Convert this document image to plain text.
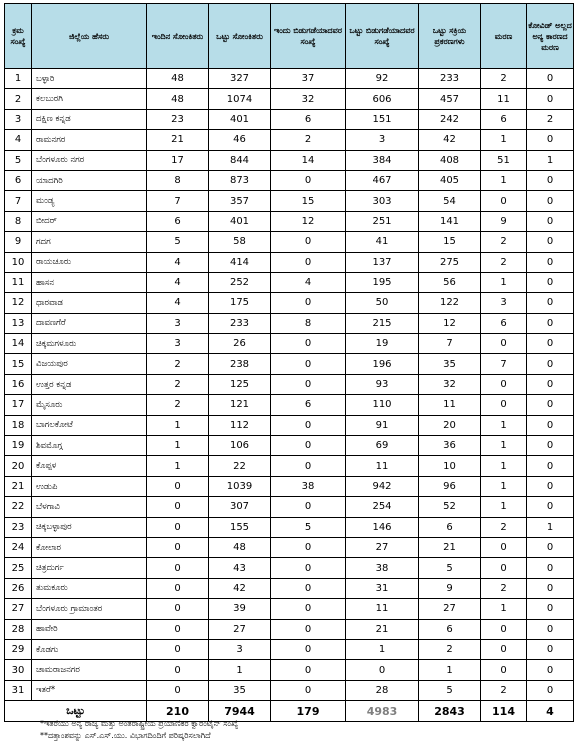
ಕ್ರಮ ಸಂಖ್ಯೆ	ಜಿಲ್ಲೆಯ ಹೆಸರು	ಇಂದಿನ ಸೋಂಕಿತರು	ಒಟ್ಟು ಸೋಂಕಿತರು	ಇಂದು ಬಿಡುಗಡೆಯಾದವರ ಸಂಖ್ಯೆ	ಒಟ್ಟು ಬಿಡುಗಡೆಯಾದವರ ಸಂಖ್ಯೆ	ಒಟ್ಟು ಸಕ್ರಿಯ ಪ್ರಕರಣಗಳು	ಮರಣ	ಕೋವಿಡ್ ಅಲ್ಲದ ಅನ್ಯ ಕಾರಣದ ಮರಣ
1	ಬಳ್ಳಾರಿ	48	327	37	92	233	2	0
2	ಕಲಬುರಗಿ	48	1074	32	606	457	11	0
3	ದಕ್ಷಿಣ ಕನ್ನಡ	23	401	6	151	242	6	2
4	ರಾಮನಗರ	21	46	2	3	42	1	0
5	ಬೆಂಗಳೂರು ನಗರ	17	844	14	384	408	51	1
6	ಯಾದಗಿರಿ	8	873	0	467	405	1	0
7	ಮಂಡ್ಯ	7	357	15	303	54	0	0
8	ಬೀದರ್	6	401	12	251	141	9	0
9	ಗದಗ	5	58	0	41	15	2	0
10	ರಾಯಚೂರು	4	414	0	137	275	2	0
11	ಹಾಸನ	4	252	4	195	56	1	0
12	ಧಾರವಾಡ	4	175	0	50	122	3	0
13	ದಾವಣಗೆರೆ	3	233	8	215	12	6	0
14	ಚಿಕ್ಕಮಗಳೂರು	3	26	0	19	7	0	0
15	ವಿಜಯಪುರ	2	238	0	196	35	7	0
16	ಉತ್ತರ ಕನ್ನಡ	2	125	0	93	32	0	0
17	ಮೈಸೂರು	2	121	6	110	11	0	0
18	ಬಾಗಲಕೋಟೆ	1	112	0	91	20	1	0
19	ಶಿವಮೊಗ್ಗ	1	106	0	69	36	1	0
20	ಕೊಪ್ಪಳ	1	22	0	11	10	1	0
21	ಉಡುಪಿ	0	1039	38	942	96	1	0
22	ಬೆಳಗಾವಿ	0	307	0	254	52	1	0
23	ಚಿಕ್ಕಬಳ್ಳಾಪುರ	0	155	5	146	6	2	1
24	ಕೋಲಾರ	0	48	0	27	21	0	0
25	ಚಿತ್ರದುರ್ಗ	0	43	0	38	5	0	0
26	ತುಮಕೂರು	0	42	0	31	9	2	0
27	ಬೆಂಗಳೂರು ಗ್ರಾಮಾಂತರ	0	39	0	11	27	1	0
28	ಹಾವೇರಿ	0	27	0	21	6	0	0
29	ಕೊಡಗು	0	3	0	1	2	0	0
30	ಚಾಮರಾಜನಗರ	0	1	0	0	1	0	0
31	ಇತರೆ*	0	35	0	28	5	2	0
ಒಟ್ಟು		210	7944	179	4983	2843	114	4
*ಇತರೆಯು ಅನ್ಯ ರಾಜ್ಯ ಮತ್ತು ಅಂತರಾಷ್ಟ್ರೀಯ ಪ್ರಯಾಣಿಕರ ಕ್ವಾರಂಟೈನ್ ಸಂಖ್ಯೆ
**ದತ್ತಾಂಶವನ್ನು ಎಸ್.ಎಸ್.ಯು. ವಿಭಾಗದಿಂದಿಗೆ ಪರಿಷ್ಕರಿಸಲಾಗಿದೆ
